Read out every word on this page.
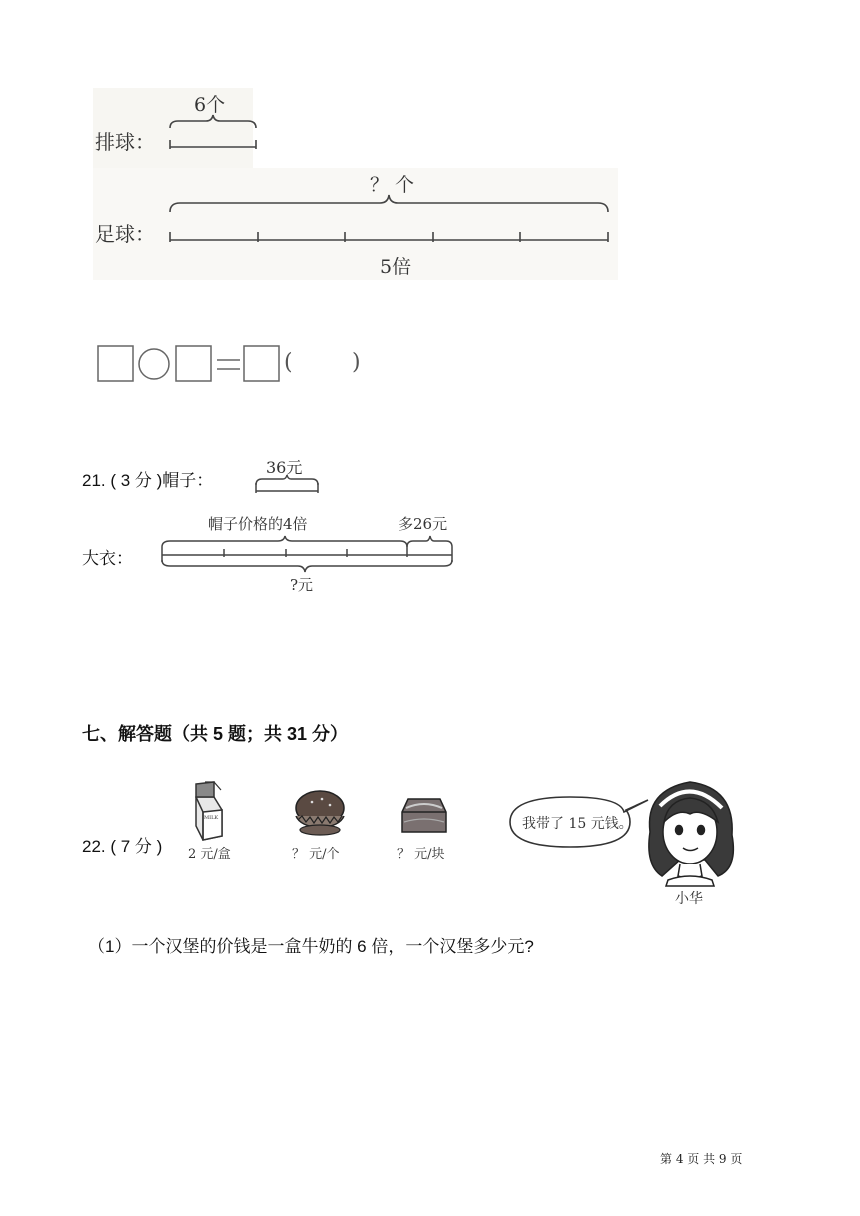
排球：
6个
足球：
？ 个
5倍
(	)
21. ( 3 分 )帽子：
36元
大衣：
帽子价格的4倍	多26元
?元
七、解答题（共 5 题；共 31 分）
22. ( 7 分 )
MILK
2 元/盒	？ 元/个	？ 元/块
我带了 15 元钱。
小华
（1）一个汉堡的价钱是一盒牛奶的 6 倍，一个汉堡多少元?
第 4 页 共 9 页
